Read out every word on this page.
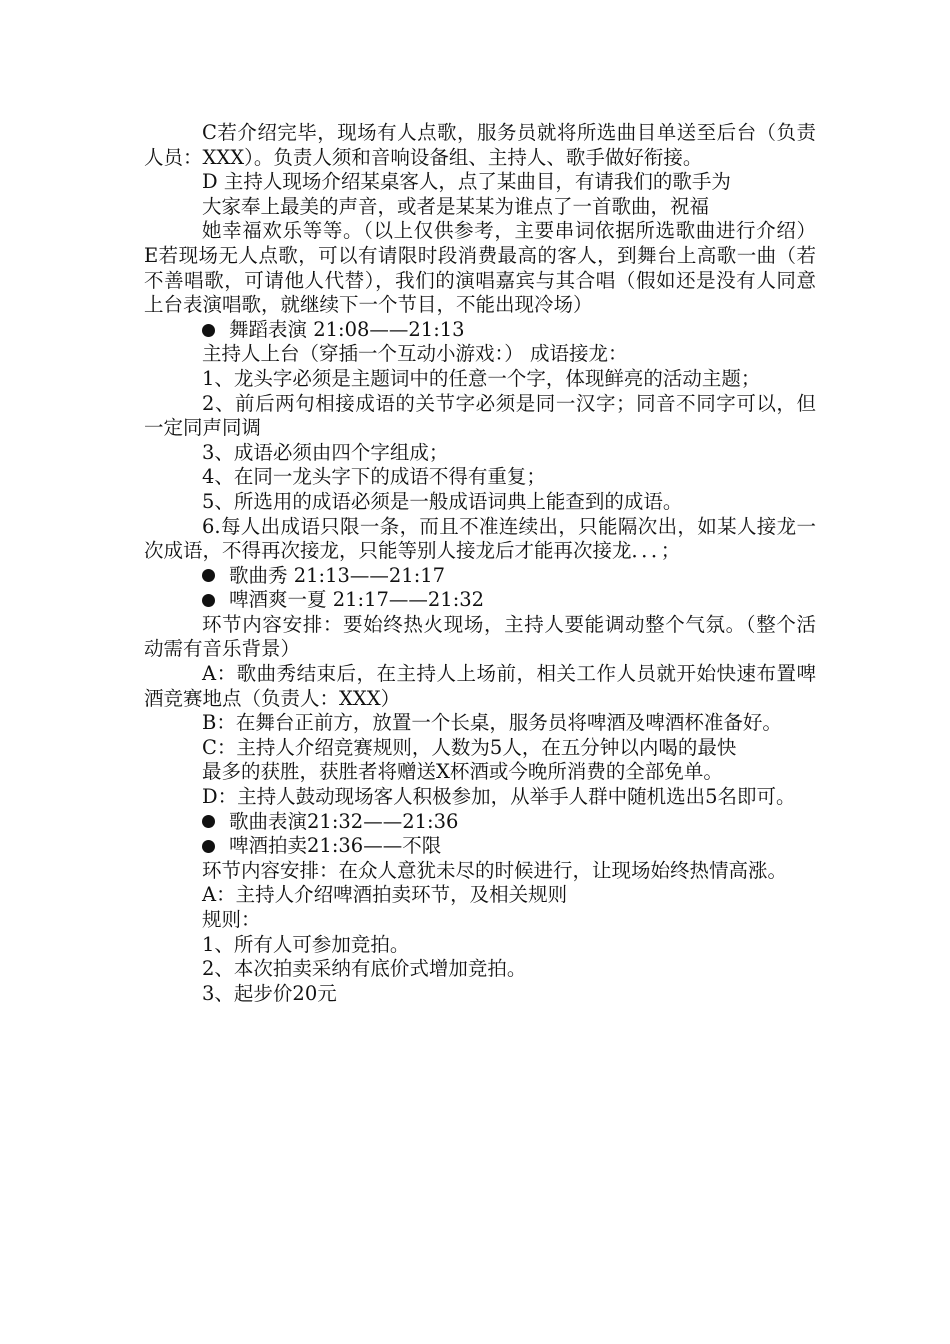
C若介绍完毕，现场有人点歌，服务员就将所选曲目单送至后台（负责人员：XXX）。负责人须和音响设备组、主持人、歌手做好衔接。

D 主持人现场介绍某桌客人，点了某曲目，有请我们的歌手为

大家奉上最美的声音，或者是某某为谁点了一首歌曲，祝福

她幸福欢乐等等。（以上仅供参考，主要串词依据所选歌曲进行介绍） E若现场无人点歌，可以有请限时段消费最高的客人，到舞台上高歌一曲（若不善唱歌，可请他人代替），我们的演唱嘉宾与其合唱（假如还是没有人同意上台表演唱歌，就继续下一个节目，不能出现冷场）

舞蹈表演 21:08——21:13

主持人上台（穿插一个互动小游戏：） 成语接龙：

1、龙头字必须是主题词中的任意一个字，体现鲜亮的活动主题；

2、前后两句相接成语的关节字必须是同一汉字；同音不同字可以，但一定同声同调

3、成语必须由四个字组成；

4、在同一龙头字下的成语不得有重复；

5、所选用的成语必须是一般成语词典上能查到的成语。

6.每人出成语只限一条，而且不准连续出，只能隔次出，如某人接龙一次成语，不得再次接龙，只能等别人接龙后才能再次接龙．．．；

歌曲秀 21:13——21:17
啤酒爽一夏 21:17——21:32

环节内容安排：要始终热火现场，主持人要能调动整个气氛。（整个活动需有音乐背景）

A：歌曲秀结束后，在主持人上场前，相关工作人员就开始快速布置啤酒竞赛地点（负责人：XXX）

B：在舞台正前方，放置一个长桌，服务员将啤酒及啤酒杯准备好。

C：主持人介绍竞赛规则，人数为5人，在五分钟以内喝的最快

最多的获胜，获胜者将赠送X杯酒或今晚所消费的全部免单。

D：主持人鼓动现场客人积极参加，从举手人群中随机选出5名即可。

歌曲表演21:32——21:36
啤酒拍卖21:36——不限

环节内容安排：在众人意犹未尽的时候进行，让现场始终热情高涨。

A：主持人介绍啤酒拍卖环节，及相关规则

规则：

1、所有人可参加竞拍。

2、本次拍卖采纳有底价式增加竞拍。

3、起步价20元
